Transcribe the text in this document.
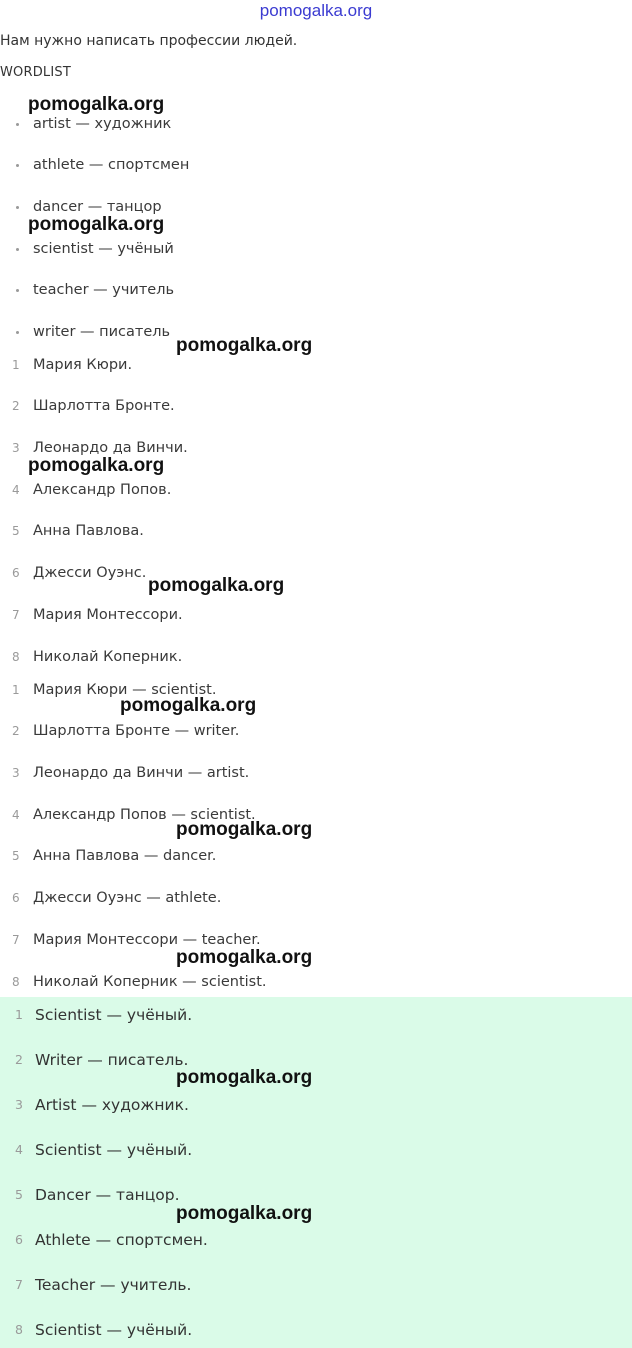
pomogalka.org
Нам нужно написать профессии людей.
WORDLIST
artist — художник
athlete — спортсмен
dancer — танцор
scientist — учёный
teacher — учитель
writer — писатель
1 Мария Кюри.
2 Шарлотта Бронте.
3 Леонардо да Винчи.
4 Александр Попов.
5 Анна Павлова.
6 Джесси Оуэнс.
7 Мария Монтессори.
8 Николай Коперник.
1 Мария Кюри — scientist.
2 Шарлотта Бронте — writer.
3 Леонардо да Винчи — artist.
4 Александр Попов — scientist.
5 Анна Павлова — dancer.
6 Джесси Оуэнс — athlete.
7 Мария Монтессори — teacher.
8 Николай Коперник — scientist.
1 Scientist — учёный.
2 Writer — писатель.
3 Artist — художник.
4 Scientist — учёный.
5 Dancer — танцор.
6 Athlete — спортсмен.
7 Teacher — учитель.
8 Scientist — учёный.
pomogalka.org
pomogalka.org
pomogalka.org
pomogalka.org
pomogalka.org
pomogalka.org
pomogalka.org
pomogalka.org
pomogalka.org
pomogalka.org
